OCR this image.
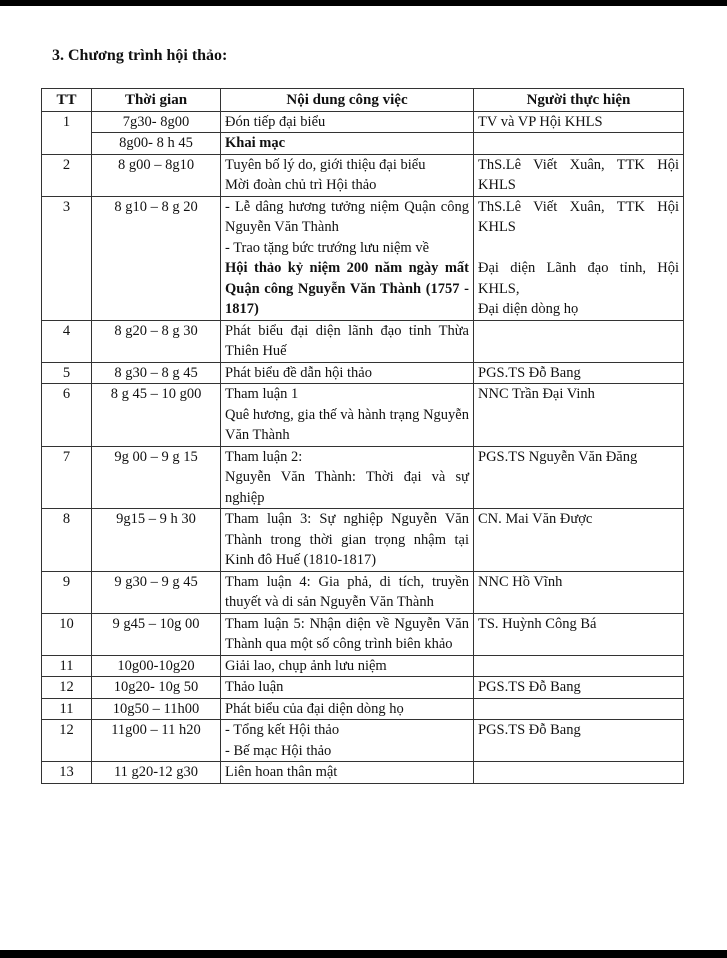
3. Chương trình hội thảo:
TT	Thời gian	Nội dung công việc	Người thực hiện
1	7g30- 8g00	Đón tiếp đại biểu	TV và VP Hội KHLS

	8g00- 8 h 45	Khai mạc	

2	8 g00 – 8g10	Tuyên bố lý do, giới thiệu đại biểu
Mời đoàn chủ trì Hội thảo	ThS.Lê Viết Xuân, TTK Hội KHLS

3	8 g10 – 8 g 20	- Lễ dâng hương tưởng niệm Quận công Nguyễn Văn Thành
- Trao tặng bức trướng lưu niệm về
Hội thảo kỷ niệm 200 năm ngày mất Quận công Nguyễn Văn Thành (1757 - 1817)	ThS.Lê Viết Xuân, TTK Hội KHLS

Đại diện Lãnh đạo tỉnh, Hội KHLS,
Đại diện dòng họ

4	8 g20 – 8 g 30	Phát biểu đại diện lãnh đạo tỉnh Thừa Thiên Huế	

5	8 g30 – 8 g 45	Phát biểu đề dẫn hội thảo	PGS.TS Đỗ Bang

6	8 g 45 – 10 g00	Tham luận 1
Quê hương, gia thế và hành trạng Nguyễn Văn Thành	NNC Trần Đại Vinh

7	9g 00 – 9 g 15	Tham luận 2:
Nguyễn Văn Thành: Thời đại và sự nghiệp	PGS.TS Nguyễn Văn Đăng

8	9g15 – 9 h 30	Tham luận 3: Sự nghiệp Nguyễn Văn Thành trong thời gian trọng nhậm tại Kinh đô Huế (1810-1817)	CN. Mai Văn Được

9	9 g30 – 9 g 45	Tham luận 4: Gia phả, di tích, truyền thuyết và di sản Nguyễn Văn Thành	NNC Hồ Vĩnh

10	9 g45 – 10g 00	Tham luận 5: Nhận diện về Nguyễn Văn Thành qua một số công trình biên khảo	TS. Huỳnh Công Bá

11	10g00-10g20	Giải lao, chụp ảnh lưu niệm	

12	10g20- 10g 50	Thảo luận	PGS.TS Đỗ Bang

11	10g50 – 11h00	Phát biểu của đại diện dòng họ	

12	11g00 – 11 h20	- Tổng kết Hội thảo
- Bế mạc Hội thảo	PGS.TS Đỗ Bang

13	11 g20-12 g30	Liên hoan thân mật	
